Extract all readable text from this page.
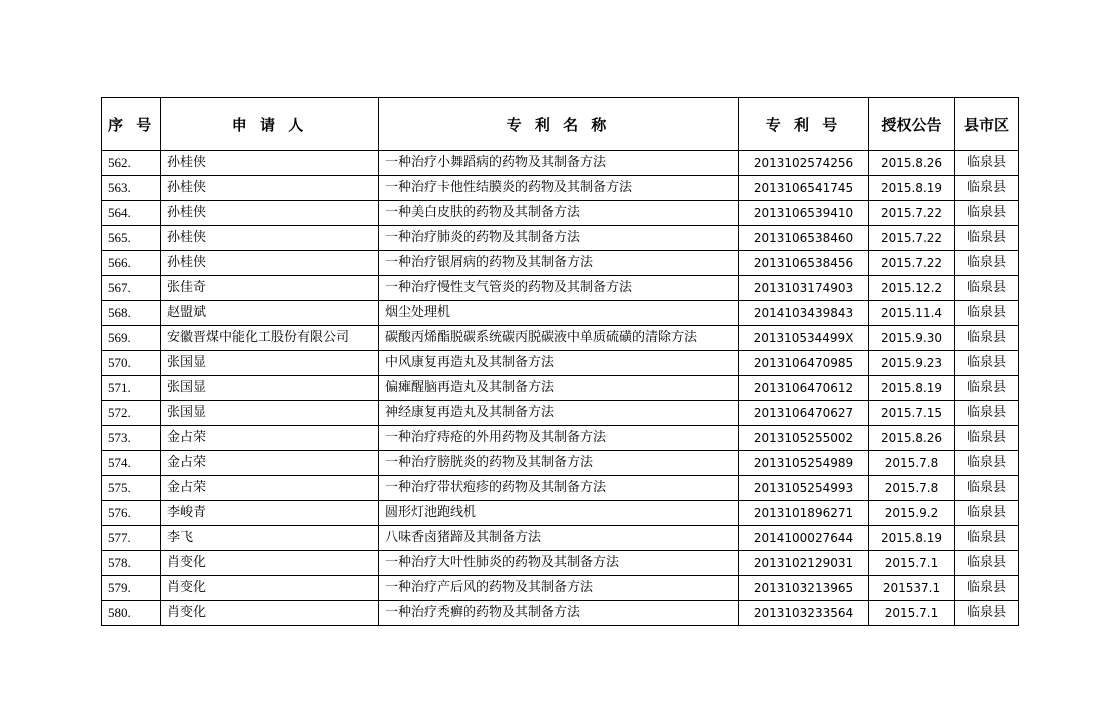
序 号	申 请 人	专 利 名 称	专 利 号	授权公告	县市区
562.	孙桂侠	一种治疗小舞蹈病的药物及其制备方法	2013102574256	2015.8.26	临泉县
563.	孙桂侠	一种治疗卡他性结膜炎的药物及其制备方法	2013106541745	2015.8.19	临泉县
564.	孙桂侠	一种美白皮肤的药物及其制备方法	2013106539410	2015.7.22	临泉县
565.	孙桂侠	一种治疗肺炎的药物及其制备方法	2013106538460	2015.7.22	临泉县
566.	孙桂侠	一种治疗银屑病的药物及其制备方法	2013106538456	2015.7.22	临泉县
567.	张佳奇	一种治疗慢性支气管炎的药物及其制备方法	2013103174903	2015.12.2	临泉县
568.	赵盟斌	烟尘处理机	2014103439843	2015.11.4	临泉县
569.	安徽晋煤中能化工股份有限公司	碳酸丙烯酯脱碳系统碳丙脱碳液中单质硫磺的清除方法	201310534499X	2015.9.30	临泉县
570.	张国显	中风康复再造丸及其制备方法	2013106470985	2015.9.23	临泉县
571.	张国显	偏瘫醒脑再造丸及其制备方法	2013106470612	2015.8.19	临泉县
572.	张国显	神经康复再造丸及其制备方法	2013106470627	2015.7.15	临泉县
573.	金占荣	一种治疗痔疮的外用药物及其制备方法	2013105255002	2015.8.26	临泉县
574.	金占荣	一种治疗膀胱炎的药物及其制备方法	2013105254989	2015.7.8	临泉县
575.	金占荣	一种治疗带状疱疹的药物及其制备方法	2013105254993	2015.7.8	临泉县
576.	李峻青	圆形灯池跑线机	2013101896271	2015.9.2	临泉县
577.	李飞	八味香卤猪蹄及其制备方法	2014100027644	2015.8.19	临泉县
578.	肖变化	一种治疗大叶性肺炎的药物及其制备方法	2013102129031	2015.7.1	临泉县
579.	肖变化	一种治疗产后风的药物及其制备方法	2013103213965	201537.1	临泉县
580.	肖变化	一种治疗秃癣的药物及其制备方法	2013103233564	2015.7.1	临泉县
